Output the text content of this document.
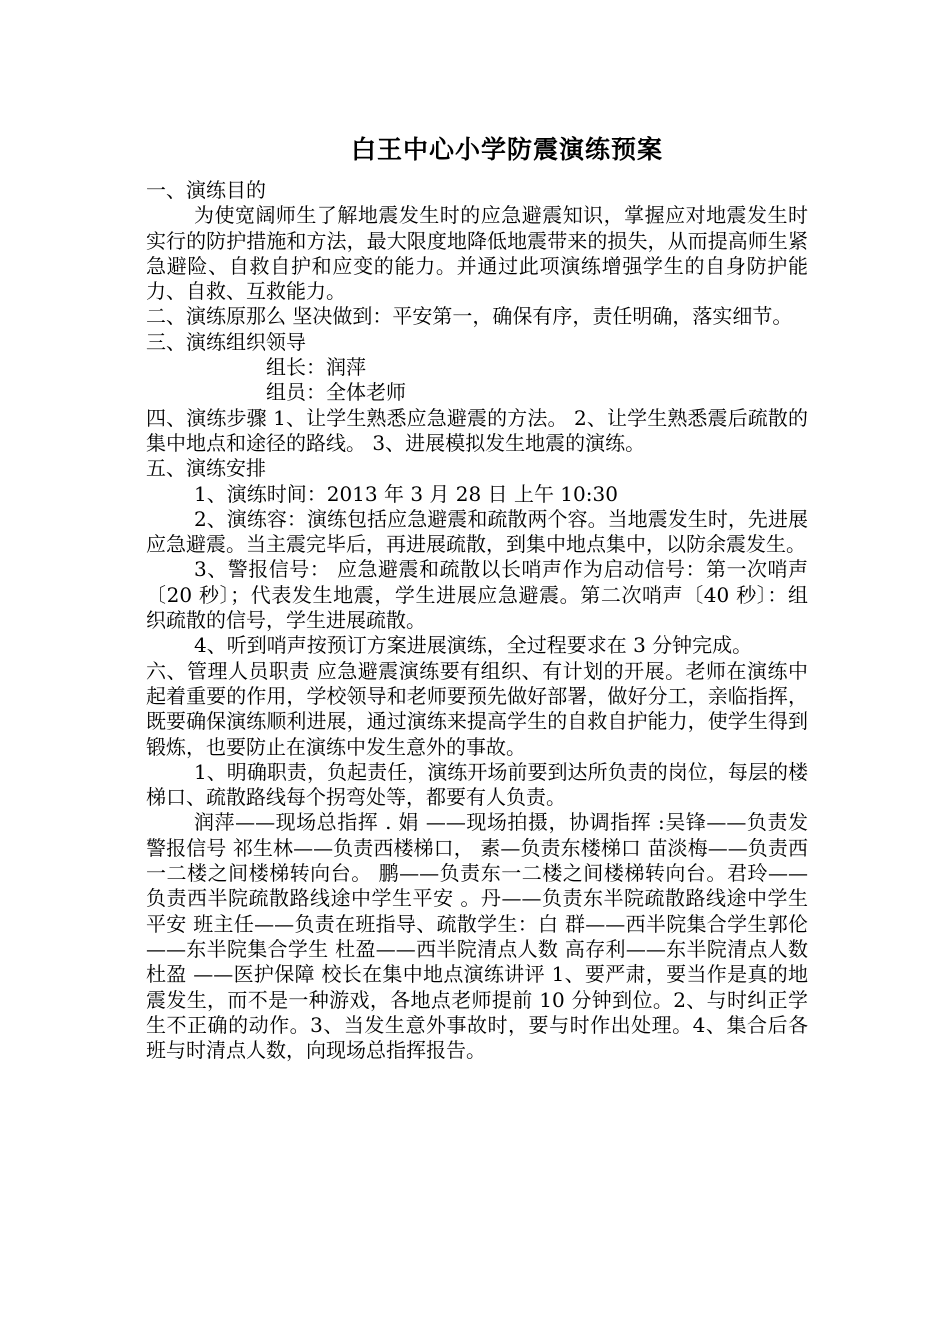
白王中心小学防震演练预案

一、演练目的

为使宽阔师生了解地震发生时的应急避震知识，掌握应对地震发生时实行的防护措施和方法，最大限度地降低地震带来的损失，从而提高师生紧急避险、自救自护和应变的能力。并通过此项演练增强学生的自身防护能力、自救、互救能力。

二、演练原那么 坚决做到：平安第一，确保有序，责任明确，落实细节。

三、演练组织领导

组长：润萍

组员：全体老师

四、演练步骤 1、让学生熟悉应急避震的方法。 2、让学生熟悉震后疏散的集中地点和途径的路线。 3、进展模拟发生地震的演练。

五、演练安排

1、演练时间：2013 年 3 月 28 日 上午 10:30

2、演练容：演练包括应急避震和疏散两个容。当地震发生时，先进展应急避震。当主震完毕后，再进展疏散，到集中地点集中，以防余震发生。

3、警报信号： 应急避震和疏散以长哨声作为启动信号：第一次哨声〔20 秒〕；代表发生地震，学生进展应急避震。第二次哨声〔40 秒〕：组织疏散的信号，学生进展疏散。

4、听到哨声按预订方案进展演练，全过程要求在 3 分钟完成。

六、管理人员职责 应急避震演练要有组织、有计划的开展。老师在演练中起着重要的作用，学校领导和老师要预先做好部署，做好分工，亲临指挥，既要确保演练顺利进展，通过演练来提高学生的自救自护能力，使学生得到锻炼，也要防止在演练中发生意外的事故。

1、明确职责，负起责任，演练开场前要到达所负责的岗位，每层的楼梯口、疏散路线每个拐弯处等，都要有人负责。

润萍——现场总指挥 . 娟 ——现场拍摄，协调指挥 :吴锋——负责发警报信号 祁生林——负责西楼梯口， 素—负责东楼梯口 苗淡梅——负责西一二楼之间楼梯转向台。 鹏——负责东一二楼之间楼梯转向台。君玲——负责西半院疏散路线途中学生平安 。丹——负责东半院疏散路线途中学生平安 班主任——负责在班指导、疏散学生：白 群——西半院集合学生郭伦——东半院集合学生 杜盈——西半院清点人数 高存利——东半院清点人数 杜盈 ——医护保障 校长在集中地点演练讲评 1、要严肃，要当作是真的地震发生，而不是一种游戏，各地点老师提前 10 分钟到位。2、与时纠正学生不正确的动作。3、当发生意外事故时，要与时作出处理。4、集合后各班与时清点人数，向现场总指挥报告。
